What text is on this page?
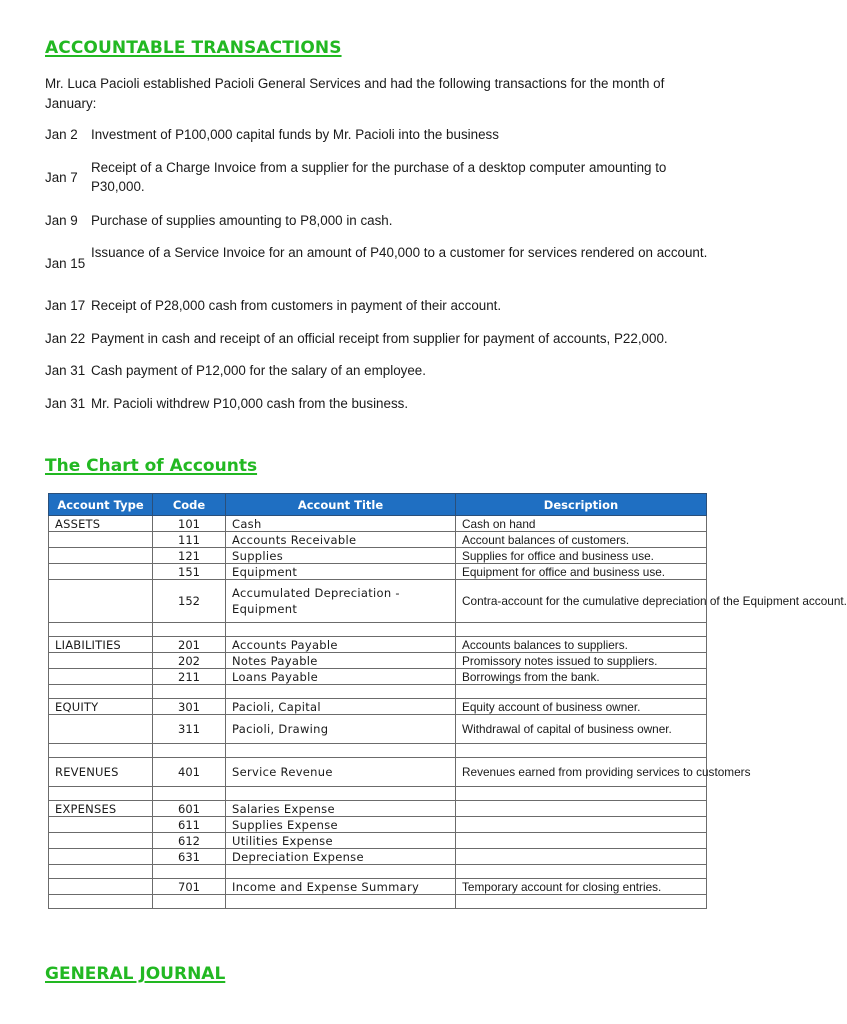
ACCOUNTABLE TRANSACTIONS
Mr. Luca Pacioli established Pacioli General Services and had the following transactions for the month of January:
Jan 2 Investment of P100,000 capital funds by Mr. Pacioli into the business
Jan 7
Receipt of a Charge Invoice from a supplier for the purchase of a desktop computer amounting to P30,000.
Jan 9 Purchase of supplies amounting to P8,000 in cash.
Jan 15
Issuance of a Service Invoice for an amount of P40,000 to a customer for services rendered on account.
Jan 17 Receipt of P28,000 cash from customers in payment of their account.
Jan 22 Payment in cash and receipt of an official receipt from supplier for payment of accounts, P22,000.
Jan 31 Cash payment of P12,000 for the salary of an employee.
Jan 31 Mr. Pacioli withdrew P10,000 cash from the business.
The Chart of Accounts
Account Type	Code	Account Title	Description
ASSETS	101	Cash	Cash on hand
	111	Accounts Receivable	Account balances of customers.
	121	Supplies	Supplies for office and business use.
	151	Equipment	Equipment for office and business use.
	152	Accumulated Depreciation - Equipment	Contra-account for the cumulative depreciation of the Equipment account.

LIABILITIES	201	Accounts Payable	Accounts balances to suppliers.
	202	Notes Payable	Promissory notes issued to suppliers.
	211	Loans Payable	Borrowings from the bank.

EQUITY	301	Pacioli, Capital	Equity account of business owner.
	311	Pacioli, Drawing	Withdrawal of capital of business owner.

REVENUES	401	Service Revenue	Revenues earned from providing services to customers

EXPENSES	601	Salaries Expense	
	611	Supplies Expense	
	612	Utilities Expense	
	631	Depreciation Expense	

	701	Income and Expense Summary	Temporary account for closing entries.

GENERAL JOURNAL
